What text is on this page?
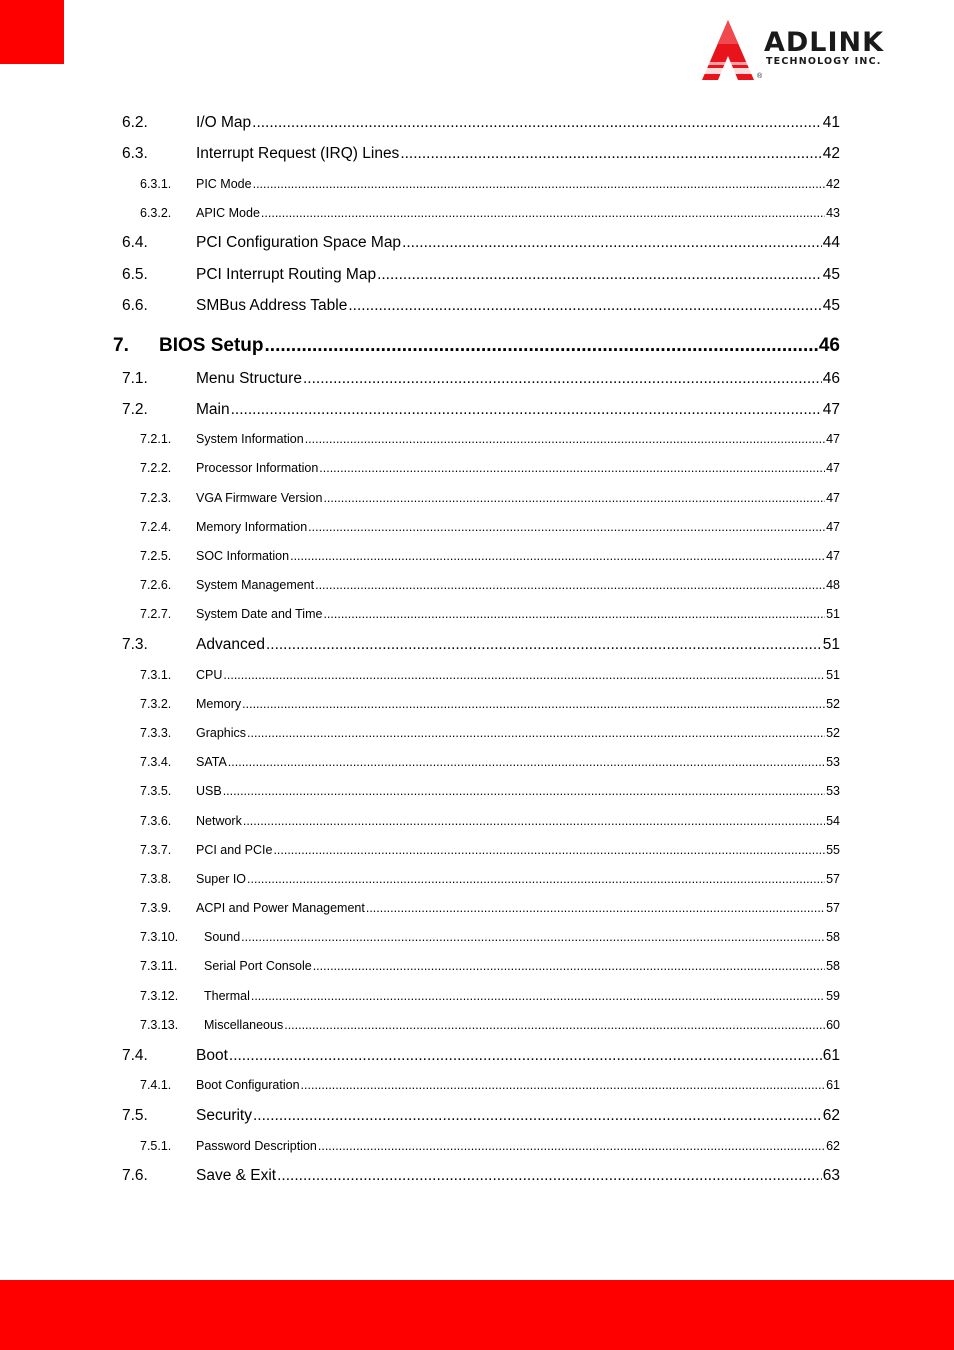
ADLINK
TECHNOLOGY INC.
®
6.2.	I/O Map .....	41
6.3.	Interrupt Request (IRQ) Lines .....	42
6.3.1. PIC Mode .....	42
6.3.2. APIC Mode .....	43
6.4.	PCI Configuration Space Map .....	44
6.5.	PCI Interrupt Routing Map .....	45
6.6.	SMBus Address Table .....	45
7. BIOS Setup .....	46
7.1.	Menu Structure .....	46
7.2.	Main .....	47
7.2.1. System Information .....	47
7.2.2. Processor Information .....	47
7.2.3. VGA Firmware Version .....	47
7.2.4. Memory Information .....	47
7.2.5. SOC Information .....	47
7.2.6. System Management .....	48
7.2.7. System Date and Time .....	51
7.3.	Advanced .....	51
7.3.1. CPU .....	51
7.3.2. Memory .....	52
7.3.3. Graphics .....	52
7.3.4. SATA .....	53
7.3.5. USB .....	53
7.3.6. Network .....	54
7.3.7. PCI and PCIe .....	55
7.3.8. Super IO .....	57
7.3.9. ACPI and Power Management .....	57
7.3.10. Sound .....	58
7.3.11. Serial Port Console .....	58
7.3.12. Thermal .....	59
7.3.13. Miscellaneous .....	60
7.4.	Boot .....	61
7.4.1. Boot Configuration .....	61
7.5.	Security .....	62
7.5.1. Password Description .....	62
7.6.	Save & Exit .....	63
